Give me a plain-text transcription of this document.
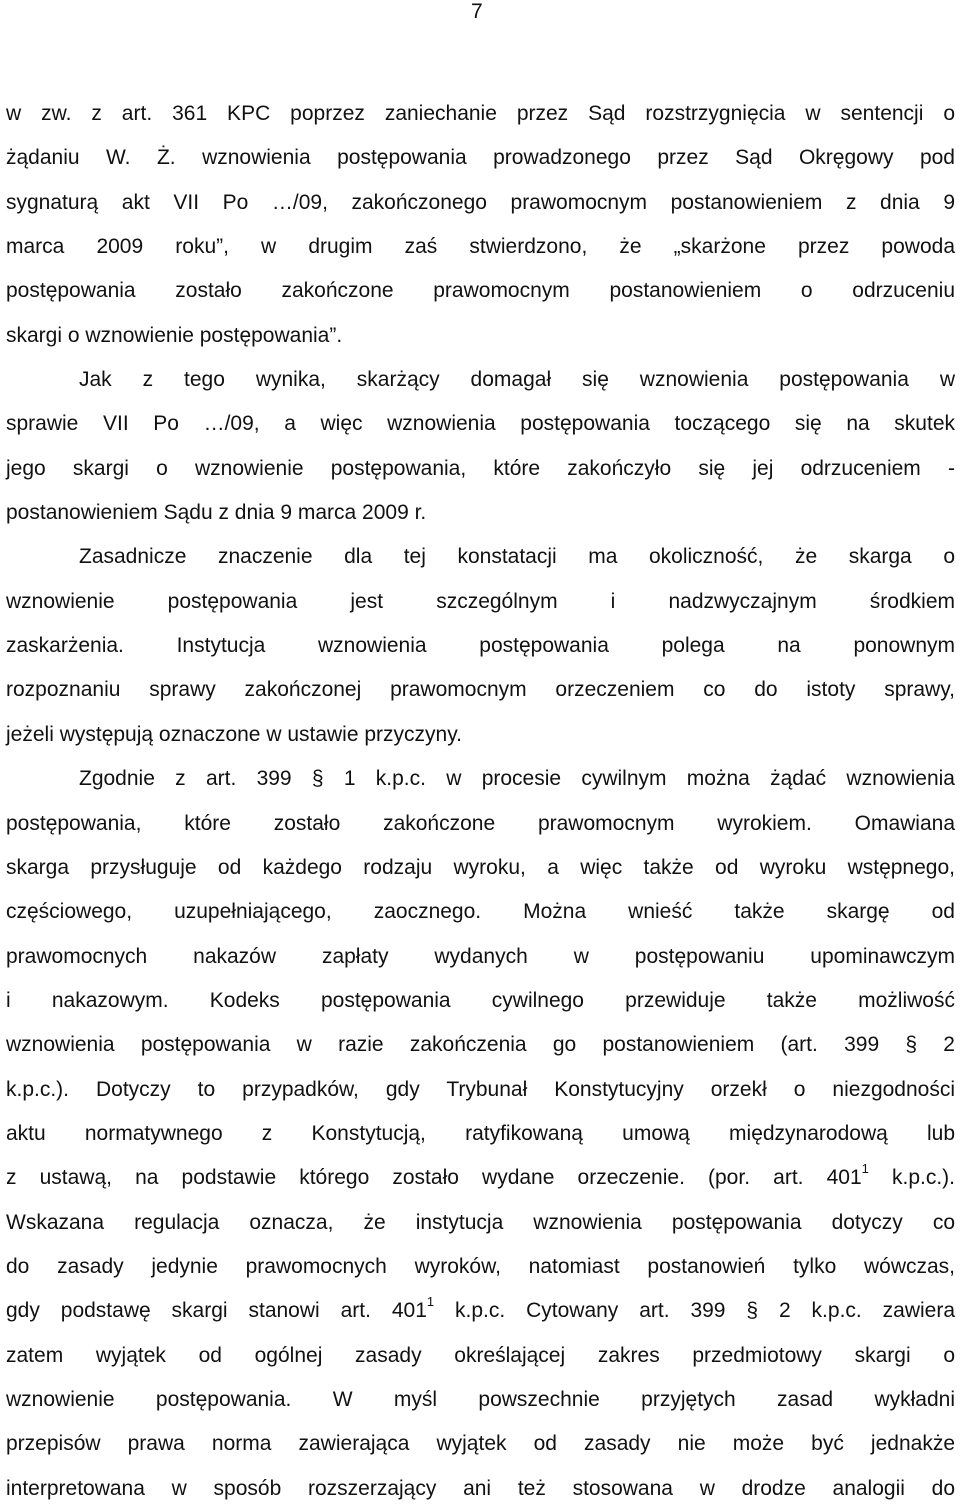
7
w zw. z art. 361 KPC poprzez zaniechanie przez Sąd rozstrzygnięcia w sentencji o
żądaniu W. Ż. wznowienia postępowania prowadzonego przez Sąd Okręgowy pod
sygnaturą akt VII Po …/09, zakończonego prawomocnym postanowieniem z dnia 9
marca 2009 roku”, w drugim zaś stwierdzono, że „skarżone przez powoda
postępowania zostało zakończone prawomocnym postanowieniem o odrzuceniu
skargi o wznowienie postępowania”.
Jak z tego wynika, skarżący domagał się wznowienia postępowania w
sprawie VII Po …/09, a więc wznowienia postępowania toczącego się na skutek
jego skargi o wznowienie postępowania, które zakończyło się jej odrzuceniem -
postanowieniem Sądu z dnia 9 marca 2009 r.
Zasadnicze znaczenie dla tej konstatacji ma okoliczność, że skarga o
wznowienie postępowania jest szczególnym i nadzwyczajnym środkiem
zaskarżenia. Instytucja wznowienia postępowania polega na ponownym
rozpoznaniu sprawy zakończonej prawomocnym orzeczeniem co do istoty sprawy,
jeżeli występują oznaczone w ustawie przyczyny.
Zgodnie z art. 399 § 1 k.p.c. w procesie cywilnym można żądać wznowienia
postępowania, które zostało zakończone prawomocnym wyrokiem. Omawiana
skarga przysługuje od każdego rodzaju wyroku, a więc także od wyroku wstępnego,
częściowego, uzupełniającego, zaocznego. Można wnieść także skargę od
prawomocnych nakazów zapłaty wydanych w postępowaniu upominawczym
i nakazowym. Kodeks postępowania cywilnego przewiduje także możliwość
wznowienia postępowania w razie zakończenia go postanowieniem (art. 399 § 2
k.p.c.). Dotyczy to przypadków, gdy Trybunał Konstytucyjny orzekł o niezgodności
aktu normatywnego z Konstytucją, ratyfikowaną umową międzynarodową lub
z ustawą, na podstawie którego zostało wydane orzeczenie. (por. art. $401^1$ k.p.c.).
Wskazana regulacja oznacza, że instytucja wznowienia postępowania dotyczy co
do zasady jedynie prawomocnych wyroków, natomiast postanowień tylko wówczas,
gdy podstawę skargi stanowi art. $401^1$ k.p.c. Cytowany art. 399 § 2 k.p.c. zawiera
zatem wyjątek od ogólnej zasady określającej zakres przedmiotowy skargi o
wznowienie postępowania. W myśl powszechnie przyjętych zasad wykładni
przepisów prawa norma zawierająca wyjątek od zasady nie może być jednakże
interpretowana w sposób rozszerzający ani też stosowana w drodze analogii do
